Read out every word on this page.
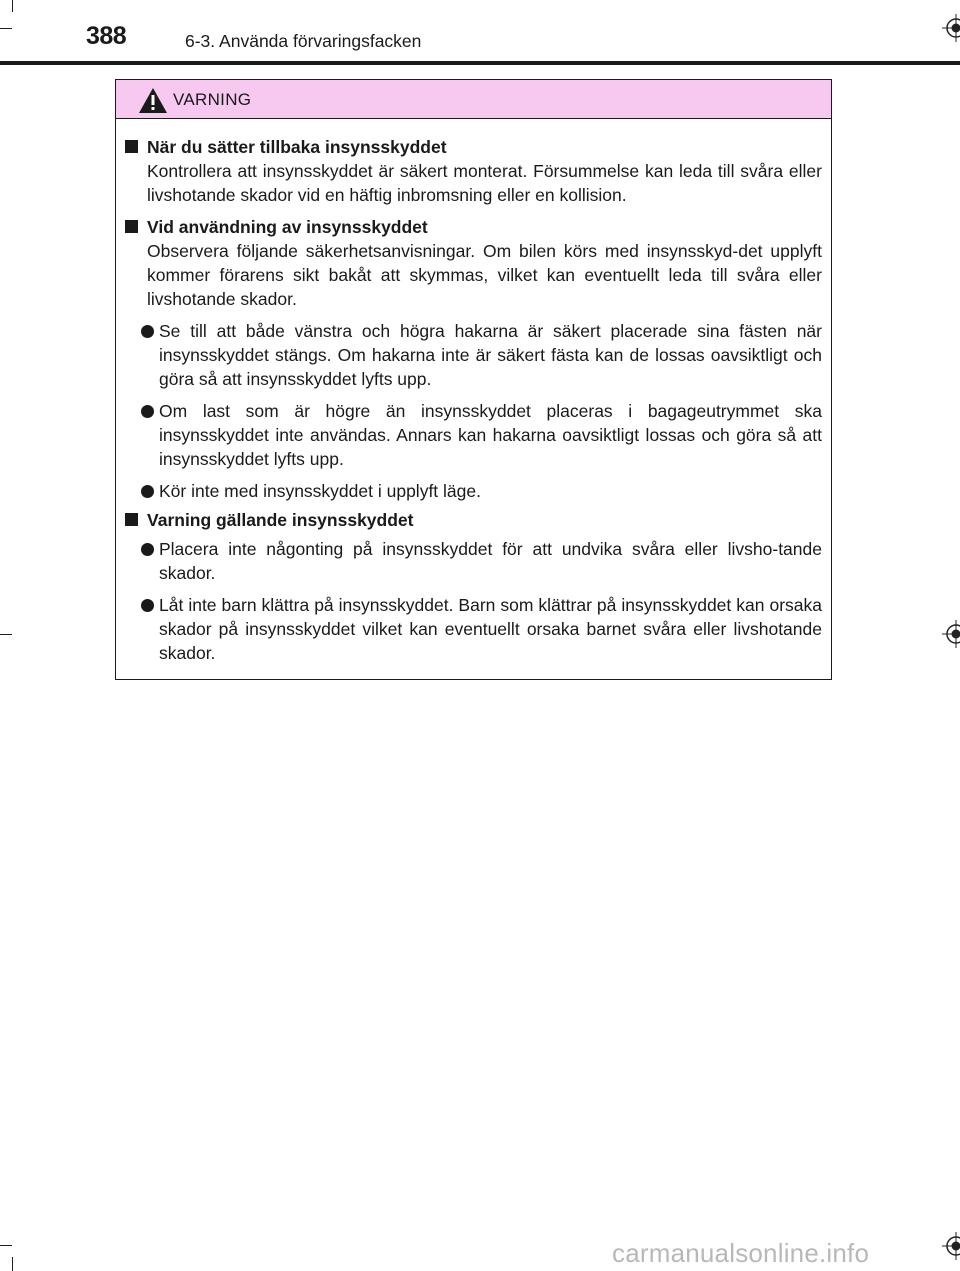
388	6-3. Använda förvaringsfacken
VARNING
När du sätter tillbaka insynsskyddet
Kontrollera att insynsskyddet är säkert monterat. Försummelse kan leda till svåra eller livshotande skador vid en häftig inbromsning eller en kollision.
Vid användning av insynsskyddet
Observera följande säkerhetsanvisningar. Om bilen körs med insynsskyd-det upplyft kommer förarens sikt bakåt att skymmas, vilket kan eventuellt leda till svåra eller livshotande skador.
Se till att både vänstra och högra hakarna är säkert placerade sina fästen när insynsskyddet stängs. Om hakarna inte är säkert fästa kan de lossas oavsiktligt och göra så att insynsskyddet lyfts upp.
Om last som är högre än insynsskyddet placeras i bagageutrymmet ska insynsskyddet inte användas. Annars kan hakarna oavsiktligt lossas och göra så att insynsskyddet lyfts upp.
Kör inte med insynsskyddet i upplyft läge.
Varning gällande insynsskyddet
Placera inte någonting på insynsskyddet för att undvika svåra eller livsho-tande skador.
Låt inte barn klättra på insynsskyddet. Barn som klättrar på insynsskyddet kan orsaka skador på insynsskyddet vilket kan eventuellt orsaka barnet svåra eller livshotande skador.
carmanualsonline.info
